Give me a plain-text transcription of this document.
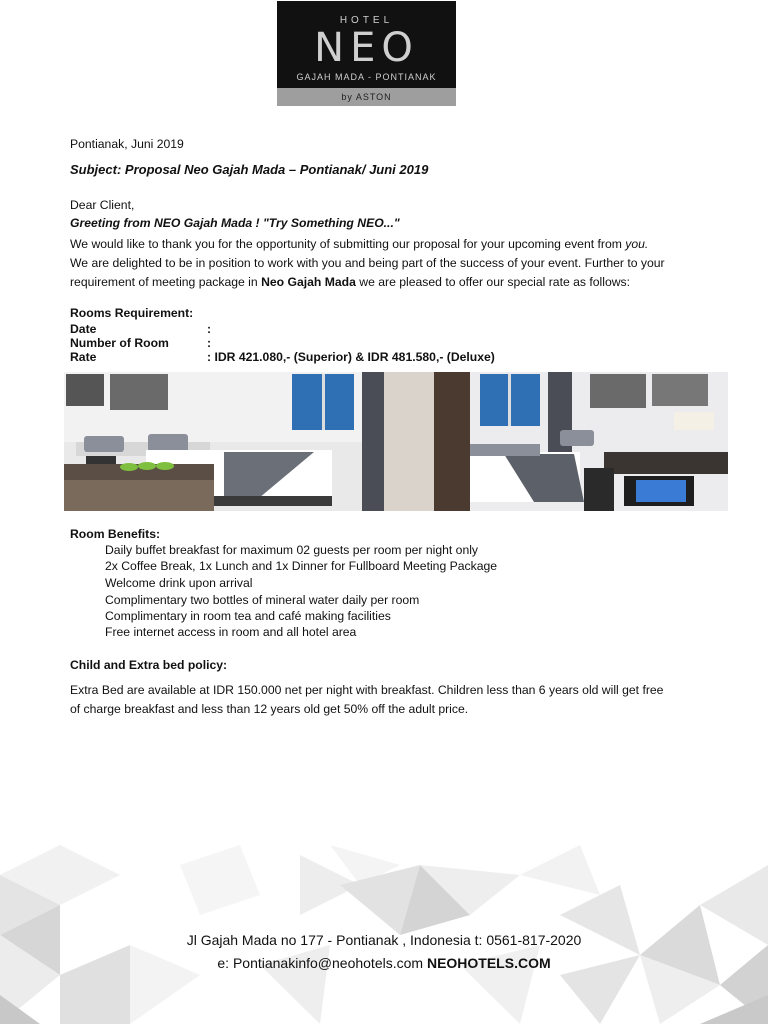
HOTEL
NEO
GAJAH MADA - PONTIANAK
by ASTON
Pontianak, Juni 2019
Subject: Proposal Neo Gajah Mada – Pontianak/ Juni 2019
Dear Client,
Greeting from NEO Gajah Mada ! "Try Something NEO..."
We would like to thank you for the opportunity of submitting our proposal for your upcoming event from you.
We are delighted to be in position to work with you and being part of the success of your event. Further to your
requirement of meeting package in Neo Gajah Mada we are pleased to offer our special rate as follows:
Rooms Requirement:
Date	:
Number of Room	:
Rate	: IDR 421.080,- (Superior) & IDR 481.580,- (Deluxe)
Room Benefits:
Daily buffet breakfast for maximum 02 guests per room per night only
2x Coffee Break, 1x Lunch and 1x Dinner for Fullboard Meeting Package
Welcome drink upon arrival
Complimentary two bottles of mineral water daily per room
Complimentary in room tea and café making facilities
Free internet access in room and all hotel area
Child and Extra bed policy:
Extra Bed are available at IDR 150.000 net per night with breakfast. Children less than 6 years old will get free
of charge breakfast and less than 12 years old get 50% off the adult price.
Jl Gajah Mada no 177 - Pontianak , Indonesia t: 0561-817-2020
e: Pontianakinfo@neohotels.com NEOHOTELS.COM
